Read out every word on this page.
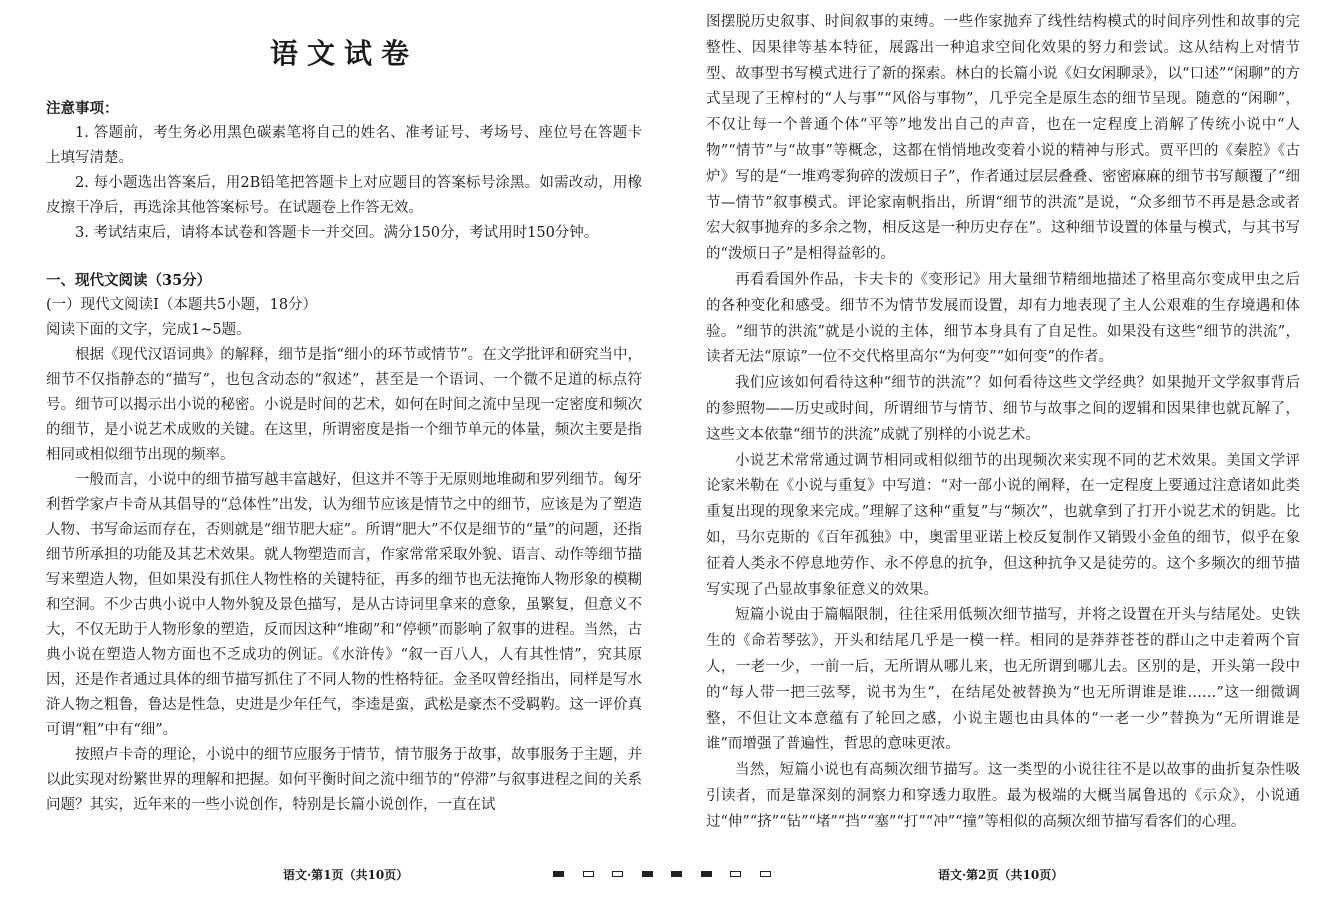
语文试卷

注意事项：

1. 答题前，考生务必用黑色碳素笔将自己的姓名、准考证号、考场号、座位号在答题卡上填写清楚。

2. 每小题选出答案后，用2B铅笔把答题卡上对应题目的答案标号涂黑。如需改动，用橡皮擦干净后，再选涂其他答案标号。在试题卷上作答无效。

3. 考试结束后，请将本试卷和答题卡一并交回。满分150分，考试用时150分钟。

一、现代文阅读（35分）

(一）现代文阅读Ⅰ（本题共5小题，18分）

阅读下面的文字，完成1~5题。

根据《现代汉语词典》的解释，细节是指“细小的环节或情节”。在文学批评和研究当中，细节不仅指静态的“描写”，也包含动态的“叙述”，甚至是一个语词、一个微不足道的标点符号。细节可以揭示出小说的秘密。小说是时间的艺术，如何在时间之流中呈现一定密度和频次的细节，是小说艺术成败的关键。在这里，所谓密度是指一个细节单元的体量，频次主要是指相同或相似细节出现的频率。

一般而言，小说中的细节描写越丰富越好，但这并不等于无原则地堆砌和罗列细节。匈牙利哲学家卢卡奇从其倡导的“总体性”出发，认为细节应该是情节之中的细节，应该是为了塑造人物、书写命运而存在，否则就是“细节肥大症”。所谓“肥大”不仅是细节的“量”的问题，还指细节所承担的功能及其艺术效果。就人物塑造而言，作家常常采取外貌、语言、动作等细节描写来塑造人物，但如果没有抓住人物性格的关键特征，再多的细节也无法掩饰人物形象的模糊和空洞。不少古典小说中人物外貌及景色描写，是从古诗词里拿来的意象，虽繁复，但意义不大，不仅无助于人物形象的塑造，反而因这种“堆砌”和“停顿”而影响了叙事的进程。当然，古典小说在塑造人物方面也不乏成功的例证。《水浒传》“叙一百八人，人有其性情”，究其原因，还是作者通过具体的细节描写抓住了不同人物的性格特征。金圣叹曾经指出，同样是写水浒人物之粗鲁，鲁达是性急，史进是少年任气，李逵是蛮，武松是豪杰不受羁靮。这一评价真可谓“粗”中有“细”。

按照卢卡奇的理论，小说中的细节应服务于情节，情节服务于故事，故事服务于主题，并以此实现对纷繁世界的理解和把握。如何平衡时间之流中细节的“停滞”与叙事进程之间的关系问题？其实，近年来的一些小说创作，特别是长篇小说创作，一直在试

图摆脱历史叙事、时间叙事的束缚。一些作家抛弃了线性结构模式的时间序列性和故事的完整性、因果律等基本特征，展露出一种追求空间化效果的努力和尝试。这从结构上对情节型、故事型书写模式进行了新的探索。林白的长篇小说《妇女闲聊录》，以“口述”“闲聊”的方式呈现了王榨村的“人与事”“风俗与事物”，几乎完全是原生态的细节呈现。随意的“闲聊”，不仅让每一个普通个体“平等”地发出自己的声音，也在一定程度上消解了传统小说中“人物”“情节”与“故事”等概念，这都在悄悄地改变着小说的精神与形式。贾平凹的《秦腔》《古炉》写的是“一堆鸡零狗碎的泼烦日子”，作者通过层层叠叠、密密麻麻的细节书写颠覆了“细节—情节”叙事模式。评论家南帆指出，所谓“细节的洪流”是说，“众多细节不再是悬念或者宏大叙事抛弃的多余之物，相反这是一种历史存在”。这种细节设置的体量与模式，与其书写的“泼烦日子”是相得益彰的。

再看看国外作品，卡夫卡的《变形记》用大量细节精细地描述了格里高尔变成甲虫之后的各种变化和感受。细节不为情节发展而设置，却有力地表现了主人公艰难的生存境遇和体验。“细节的洪流”就是小说的主体，细节本身具有了自足性。如果没有这些“细节的洪流”，读者无法“原谅”一位不交代格里高尔“为何变”“如何变”的作者。

我们应该如何看待这种“细节的洪流”？如何看待这些文学经典？如果抛开文学叙事背后的参照物——历史或时间，所谓细节与情节、细节与故事之间的逻辑和因果律也就瓦解了，这些文本依靠“细节的洪流”成就了别样的小说艺术。

小说艺术常常通过调节相同或相似细节的出现频次来实现不同的艺术效果。美国文学评论家米勒在《小说与重复》中写道：“对一部小说的阐释，在一定程度上要通过注意诸如此类重复出现的现象来完成。”理解了这种“重复”与“频次”，也就拿到了打开小说艺术的钥匙。比如，马尔克斯的《百年孤独》中，奥雷里亚诺上校反复制作又销毁小金鱼的细节，似乎在象征着人类永不停息地劳作、永不停息的抗争，但这种抗争又是徒劳的。这个多频次的细节描写实现了凸显故事象征意义的效果。

短篇小说由于篇幅限制，往往采用低频次细节描写，并将之设置在开头与结尾处。史铁生的《命若琴弦》，开头和结尾几乎是一模一样。相同的是莽莽苍苍的群山之中走着两个盲人，一老一少，一前一后，无所谓从哪儿来，也无所谓到哪儿去。区别的是，开头第一段中的“每人带一把三弦琴，说书为生”，在结尾处被替换为“也无所谓谁是谁……”这一细微调整，不但让文本意蕴有了轮回之感，小说主题也由具体的“一老一少”替换为“无所谓谁是谁”而增强了普遍性，哲思的意味更浓。

当然，短篇小说也有高频次细节描写。这一类型的小说往往不是以故事的曲折复杂性吸引读者，而是靠深刻的洞察力和穿透力取胜。最为极端的大概当属鲁迅的《示众》，小说通过“伸”“挤”“钻”“堵”“挡”“塞”“打”“冲”“撞”等相似的高频次细节描写看客们的心理。

语文·第1页（共10页）	语文·第2页（共10页）
